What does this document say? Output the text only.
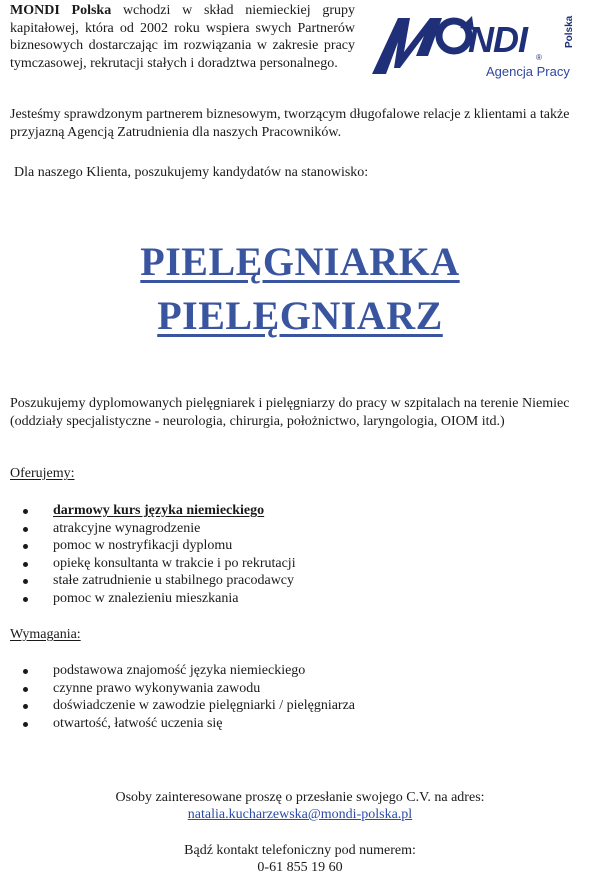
MONDI Polska wchodzi w skład niemieckiej grupy kapitałowej, która od 2002 roku wspiera swych Partnerów biznesowych dostarczając im rozwiązania w zakresie pracy tymczasowej, rekrutacji stałych i doradztwa personalnego.
NDI ®
Polska
Agencja Pracy
Jesteśmy sprawdzonym partnerem biznesowym, tworzącym długofalowe relacje z klientami a także przyjazną Agencją Zatrudnienia dla naszych Pracowników.
Dla naszego Klienta, poszukujemy kandydatów na stanowisko:
PIELĘGNIARKA
PIELĘGNIARZ
Poszukujemy dyplomowanych pielęgniarek i pielęgniarzy do pracy w szpitalach na terenie Niemiec (oddziały specjalistyczne - neurologia, chirurgia, położnictwo, laryngologia, OIOM itd.)
Oferujemy:
darmowy kurs języka niemieckiego
atrakcyjne wynagrodzenie
pomoc w nostryfikacji dyplomu
opiekę konsultanta w trakcie i po rekrutacji
stałe zatrudnienie u stabilnego pracodawcy
pomoc w znalezieniu mieszkania
Wymagania:
podstawowa znajomość języka niemieckiego
czynne prawo wykonywania zawodu
doświadczenie w zawodzie pielęgniarki / pielęgniarza
otwartość, łatwość uczenia się
Osoby zainteresowane proszę o przesłanie swojego C.V. na adres:
natalia.kucharzewska@mondi-polska.pl
Bądź kontakt telefoniczny pod numerem:
0-61 855 19 60
